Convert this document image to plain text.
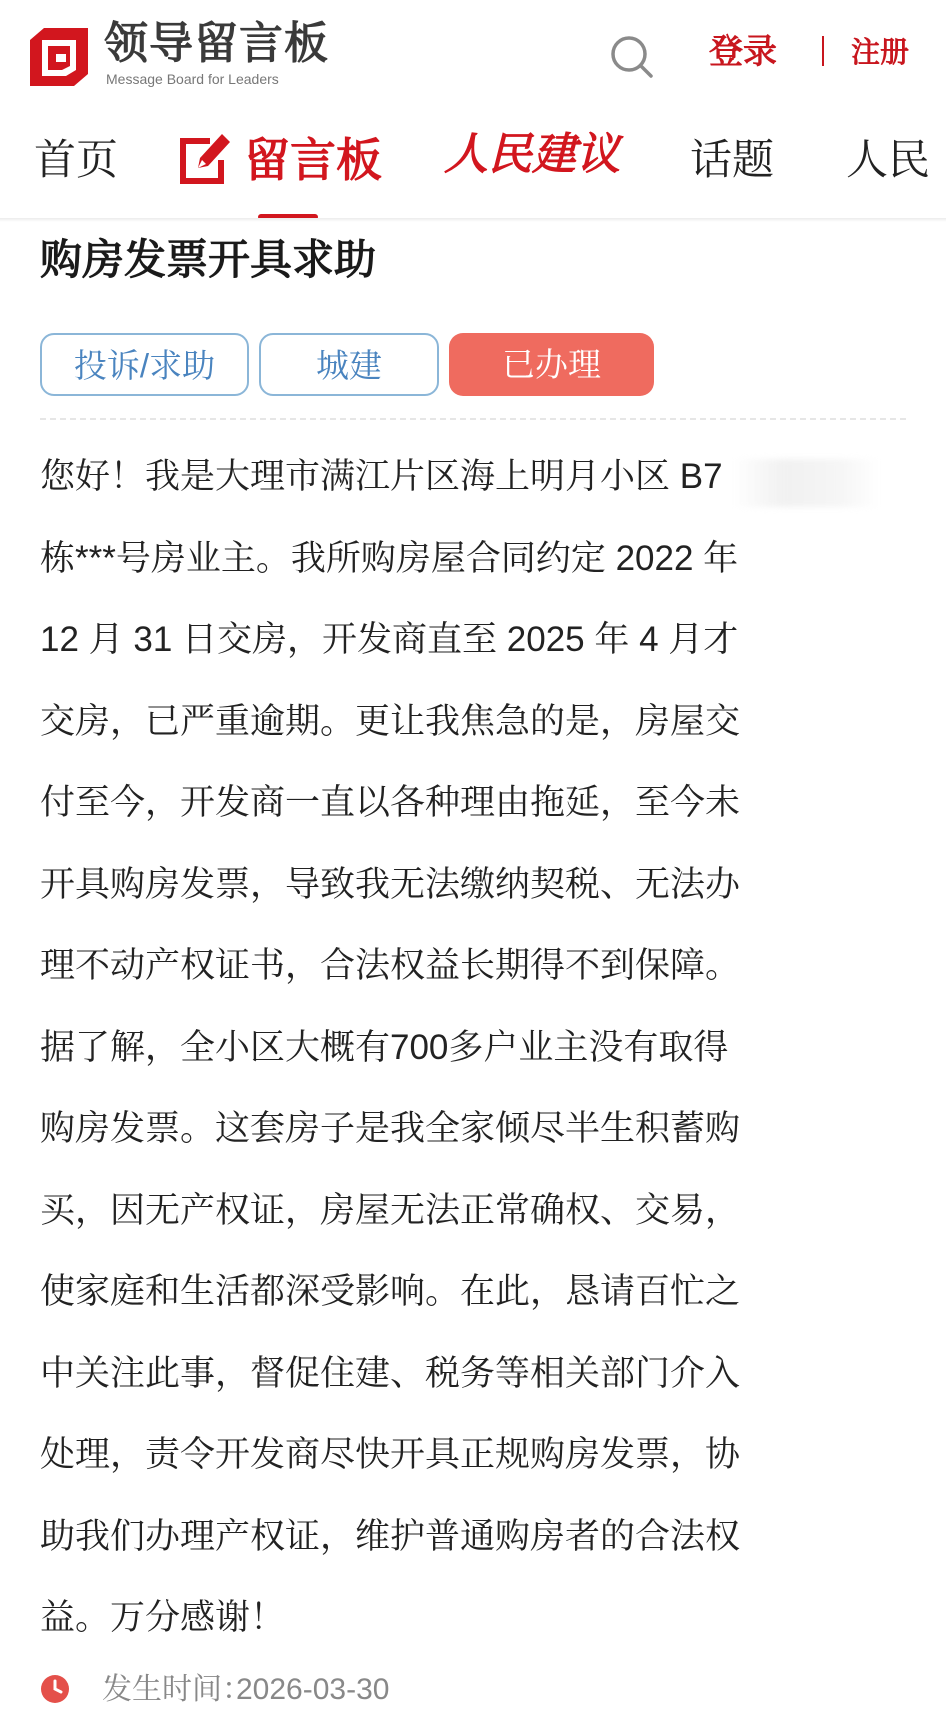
领导留言板
Message Board for Leaders
登录	注册
首页	留言板 人民建议 话题 人民
购房发票开具求助
投诉/求助	城建	已办理
您好！我是大理市满江片区海上明月小区 B7
栋***号房业主。我所购房屋合同约定 2022 年
12 月 31 日交房，开发商直至 2025 年 4 月才
交房，已严重逾期。更让我焦急的是，房屋交
付至今，开发商一直以各种理由拖延，至今未
开具购房发票，导致我无法缴纳契税、无法办
理不动产权证书，合法权益长期得不到保障。
据了解，全小区大概有700多户业主没有取得
购房发票。这套房子是我全家倾尽半生积蓄购
买，因无产权证，房屋无法正常确权、交易，
使家庭和生活都深受影响。在此，恳请百忙之
中关注此事，督促住建、税务等相关部门介入
处理，责令开发商尽快开具正规购房发票，协
助我们办理产权证，维护普通购房者的合法权
益。万分感谢！
发生时间：
2026-03-30
